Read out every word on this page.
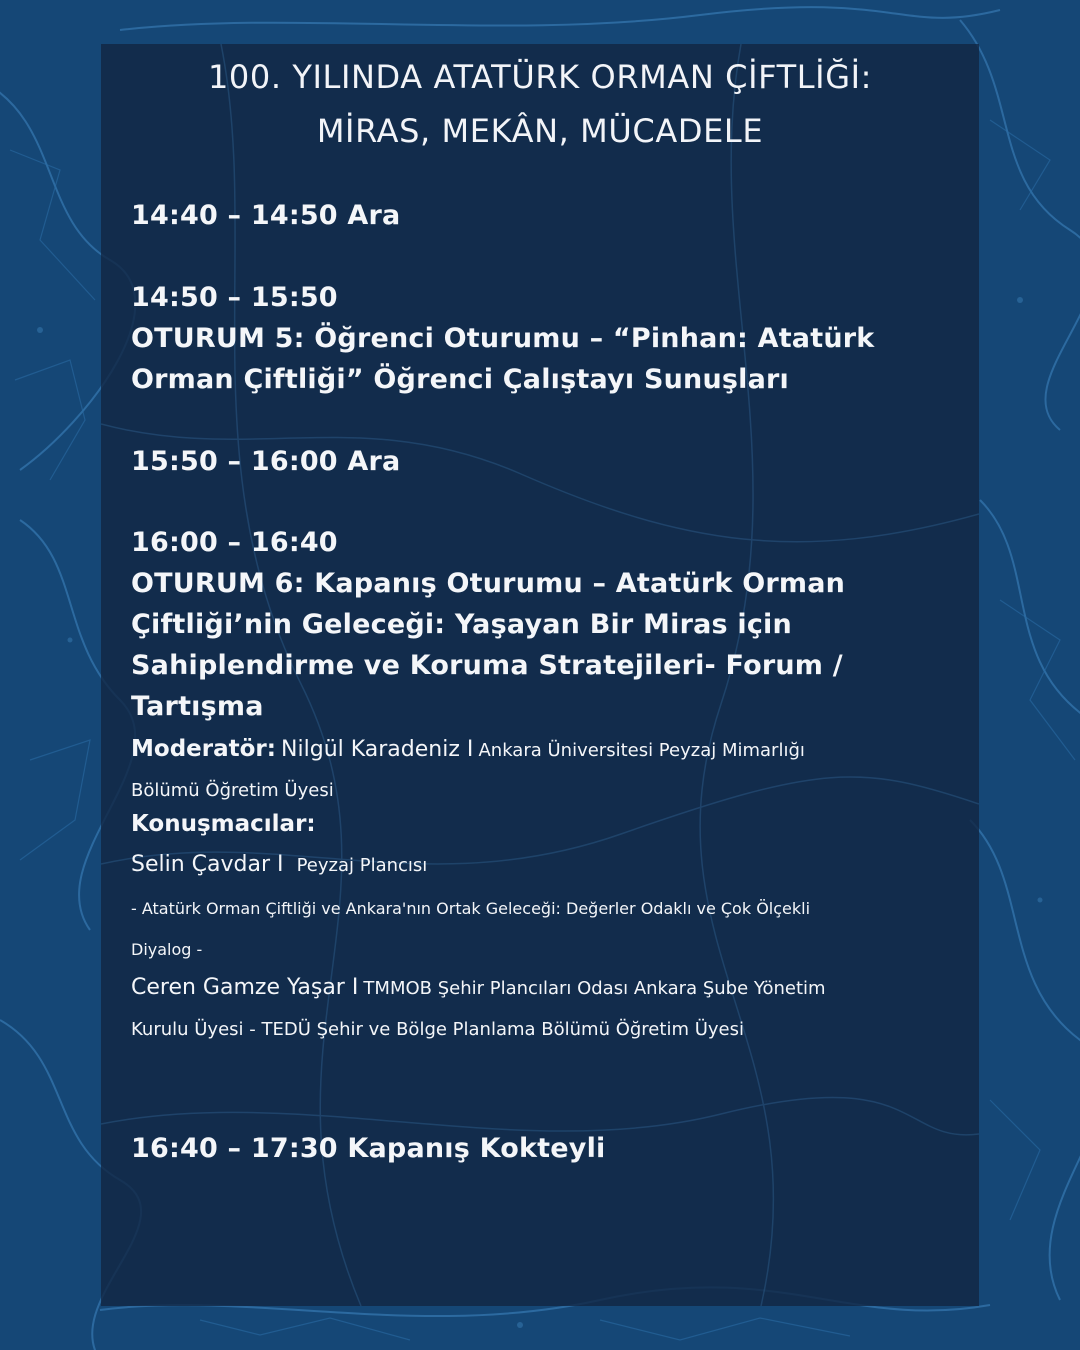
100. YILINDA ATATÜRK ORMAN ÇİFTLİĞİ:
MİRAS, MEKÂN, MÜCADELE
14:40 – 14:50 Ara
14:50 – 15:50
OTURUM 5: Öğrenci Oturumu – “Pinhan: Atatürk
Orman Çiftliği” Öğrenci Çalıştayı Sunuşları
15:50 – 16:00 Ara
16:00 – 16:40
OTURUM 6: Kapanış Oturumu – Atatürk Orman
Çiftliği’nin Geleceği: Yaşayan Bir Miras için
Sahiplendirme ve Koruma Stratejileri- Forum /
Tartışma
Moderatör: Nilgül Karadeniz I Ankara Üniversitesi Peyzaj Mimarlığı
Bölümü Öğretim Üyesi
Konuşmacılar:
Selin Çavdar I Peyzaj Plancısı
- Atatürk Orman Çiftliği ve Ankara'nın Ortak Geleceği: Değerler Odaklı ve Çok Ölçekli
Diyalog -
Ceren Gamze Yaşar I TMMOB Şehir Plancıları Odası Ankara Şube Yönetim
Kurulu Üyesi - TEDÜ Şehir ve Bölge Planlama Bölümü Öğretim Üyesi
16:40 – 17:30 Kapanış Kokteyli
